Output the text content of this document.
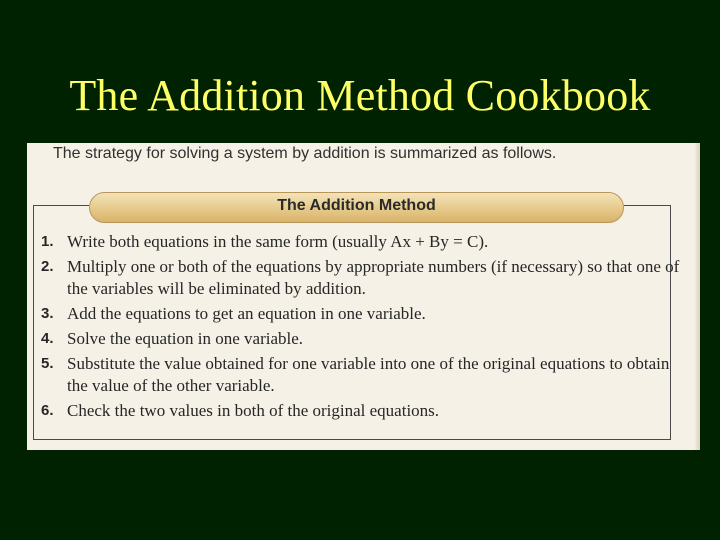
The Addition Method Cookbook
The strategy for solving a system by addition is summarized as follows.
The Addition Method
1. Write both equations in the same form (usually Ax + By = C).
2. Multiply one or both of the equations by appropriate numbers (if necessary) so that one of the variables will be eliminated by addition.
3. Add the equations to get an equation in one variable.
4. Solve the equation in one variable.
5. Substitute the value obtained for one variable into one of the original equations to obtain the value of the other variable.
6. Check the two values in both of the original equations.
